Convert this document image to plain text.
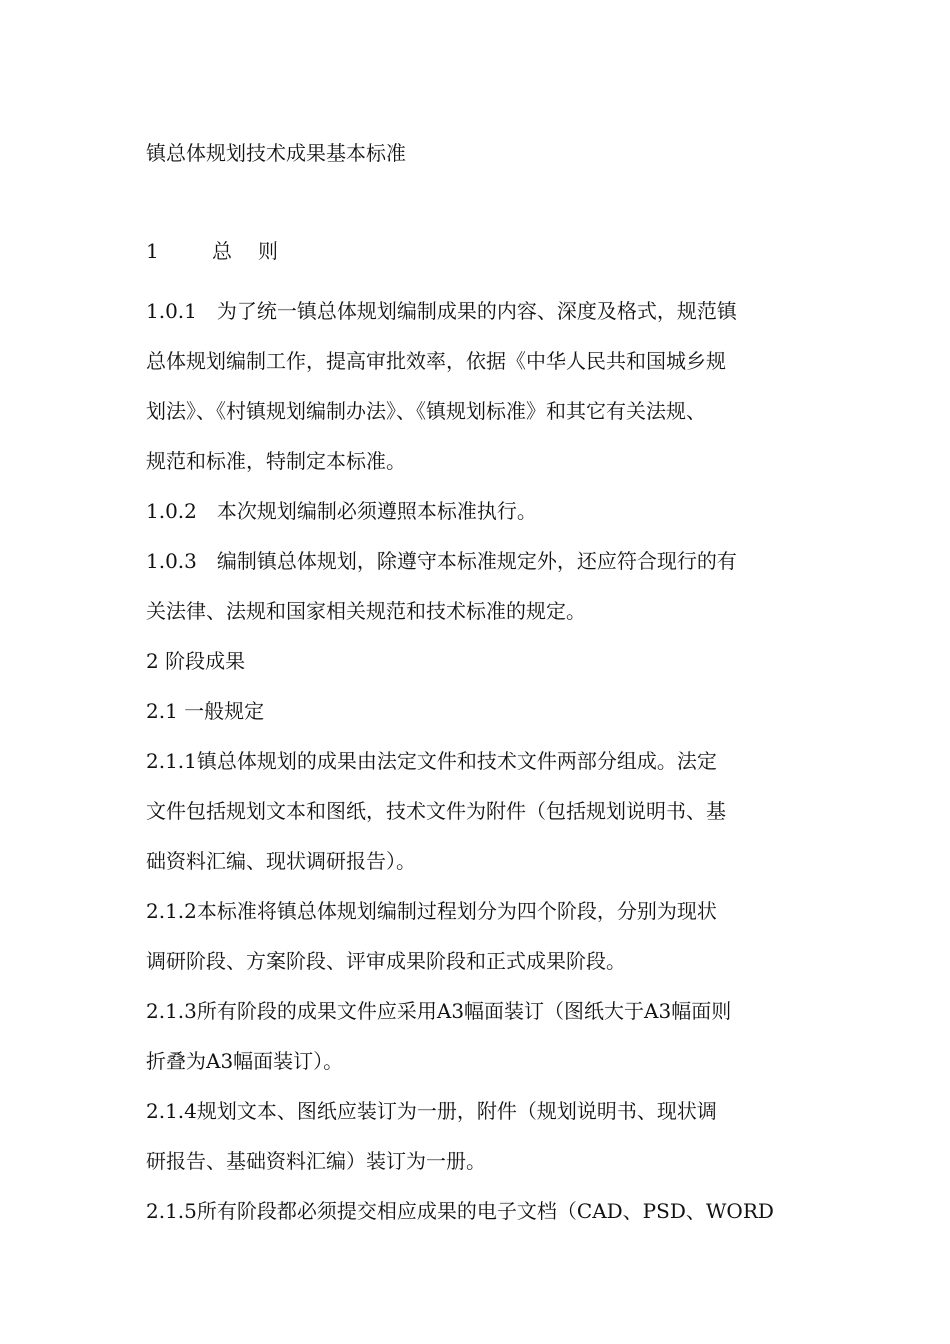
镇总体规划技术成果基本标准
1	总 则
1.0.1　为了统一镇总体规划编制成果的内容、深度及格式，规范镇
总体规划编制工作，提高审批效率，依据《中华人民共和国城乡规
划法》、《村镇规划编制办法》、《镇规划标准》和其它有关法规、
规范和标准，特制定本标准。
1.0.2　本次规划编制必须遵照本标准执行。
1.0.3　编制镇总体规划，除遵守本标准规定外，还应符合现行的有
关法律、法规和国家相关规范和技术标准的规定。
2 阶段成果
2.1 一般规定
2.1.1镇总体规划的成果由法定文件和技术文件两部分组成。法定
文件包括规划文本和图纸，技术文件为附件（包括规划说明书、基
础资料汇编、现状调研报告）。
2.1.2本标准将镇总体规划编制过程划分为四个阶段，分别为现状
调研阶段、方案阶段、评审成果阶段和正式成果阶段。
2.1.3所有阶段的成果文件应采用A3幅面装订（图纸大于A3幅面则
折叠为A3幅面装订）。
2.1.4规划文本、图纸应装订为一册，附件（规划说明书、现状调
研报告、基础资料汇编）装订为一册。
2.1.5所有阶段都必须提交相应成果的电子文档（CAD、PSD、WORD
